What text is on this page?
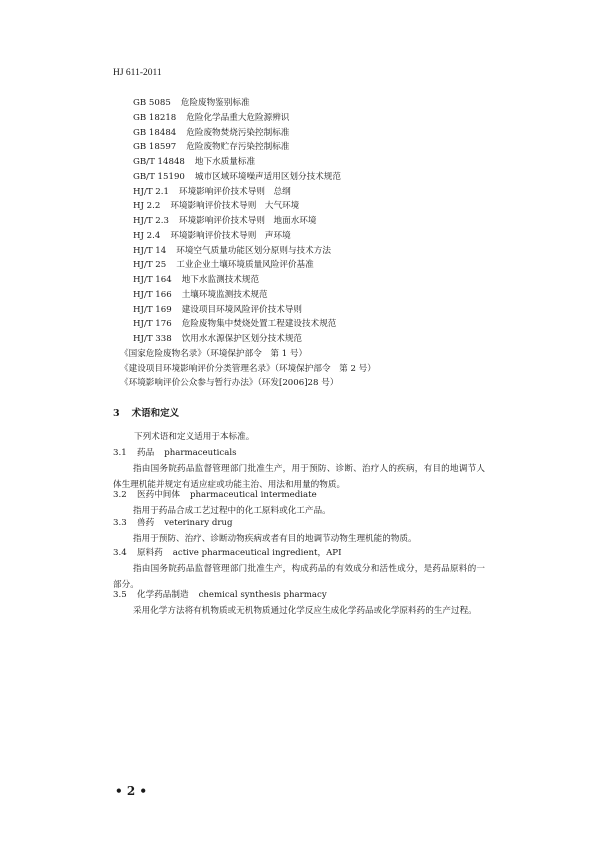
HJ 611-2011
GB 5085 危险废物鉴别标准
GB 18218 危险化学品重大危险源辨识
GB 18484 危险废物焚烧污染控制标准
GB 18597 危险废物贮存污染控制标准
GB/T 14848 地下水质量标准
GB/T 15190 城市区域环境噪声适用区划分技术规范
HJ/T 2.1 环境影响评价技术导则　总纲
HJ 2.2 环境影响评价技术导则　大气环境
HJ/T 2.3 环境影响评价技术导则　地面水环境
HJ 2.4 环境影响评价技术导则　声环境
HJ/T 14 环境空气质量功能区划分原则与技术方法
HJ/T 25 工业企业土壤环境质量风险评价基准
HJ/T 164 地下水监测技术规范
HJ/T 166 土壤环境监测技术规范
HJ/T 169 建设项目环境风险评价技术导则
HJ/T 176 危险废物集中焚烧处置工程建设技术规范
HJ/T 338 饮用水水源保护区划分技术规范
《国家危险废物名录》（环境保护部令　第 1 号）
《建设项目环境影响评价分类管理名录》（环境保护部令　第 2 号）
《环境影响评价公众参与暂行办法》（环发[2006]28 号）
3 术语和定义
下列术语和定义适用于本标准。
3.1 药品 pharmaceuticals

指由国务院药品监督管理部门批准生产，用于预防、诊断、治疗人的疾病，有目的地调节人体生理机能并规定有适应症或功能主治、用法和用量的物质。

3.2 医药中间体 pharmaceutical intermediate

指用于药品合成工艺过程中的化工原料或化工产品。

3.3 兽药 veterinary drug

指用于预防、治疗、诊断动物疾病或者有目的地调节动物生理机能的物质。

3.4 原料药 active pharmaceutical ingredient，API

指由国务院药品监督管理部门批准生产，构成药品的有效成分和活性成分，是药品原料的一部分。

3.5 化学药品制造 chemical synthesis pharmacy

采用化学方法将有机物质或无机物质通过化学反应生成化学药品或化学原料药的生产过程。

• 2 •
